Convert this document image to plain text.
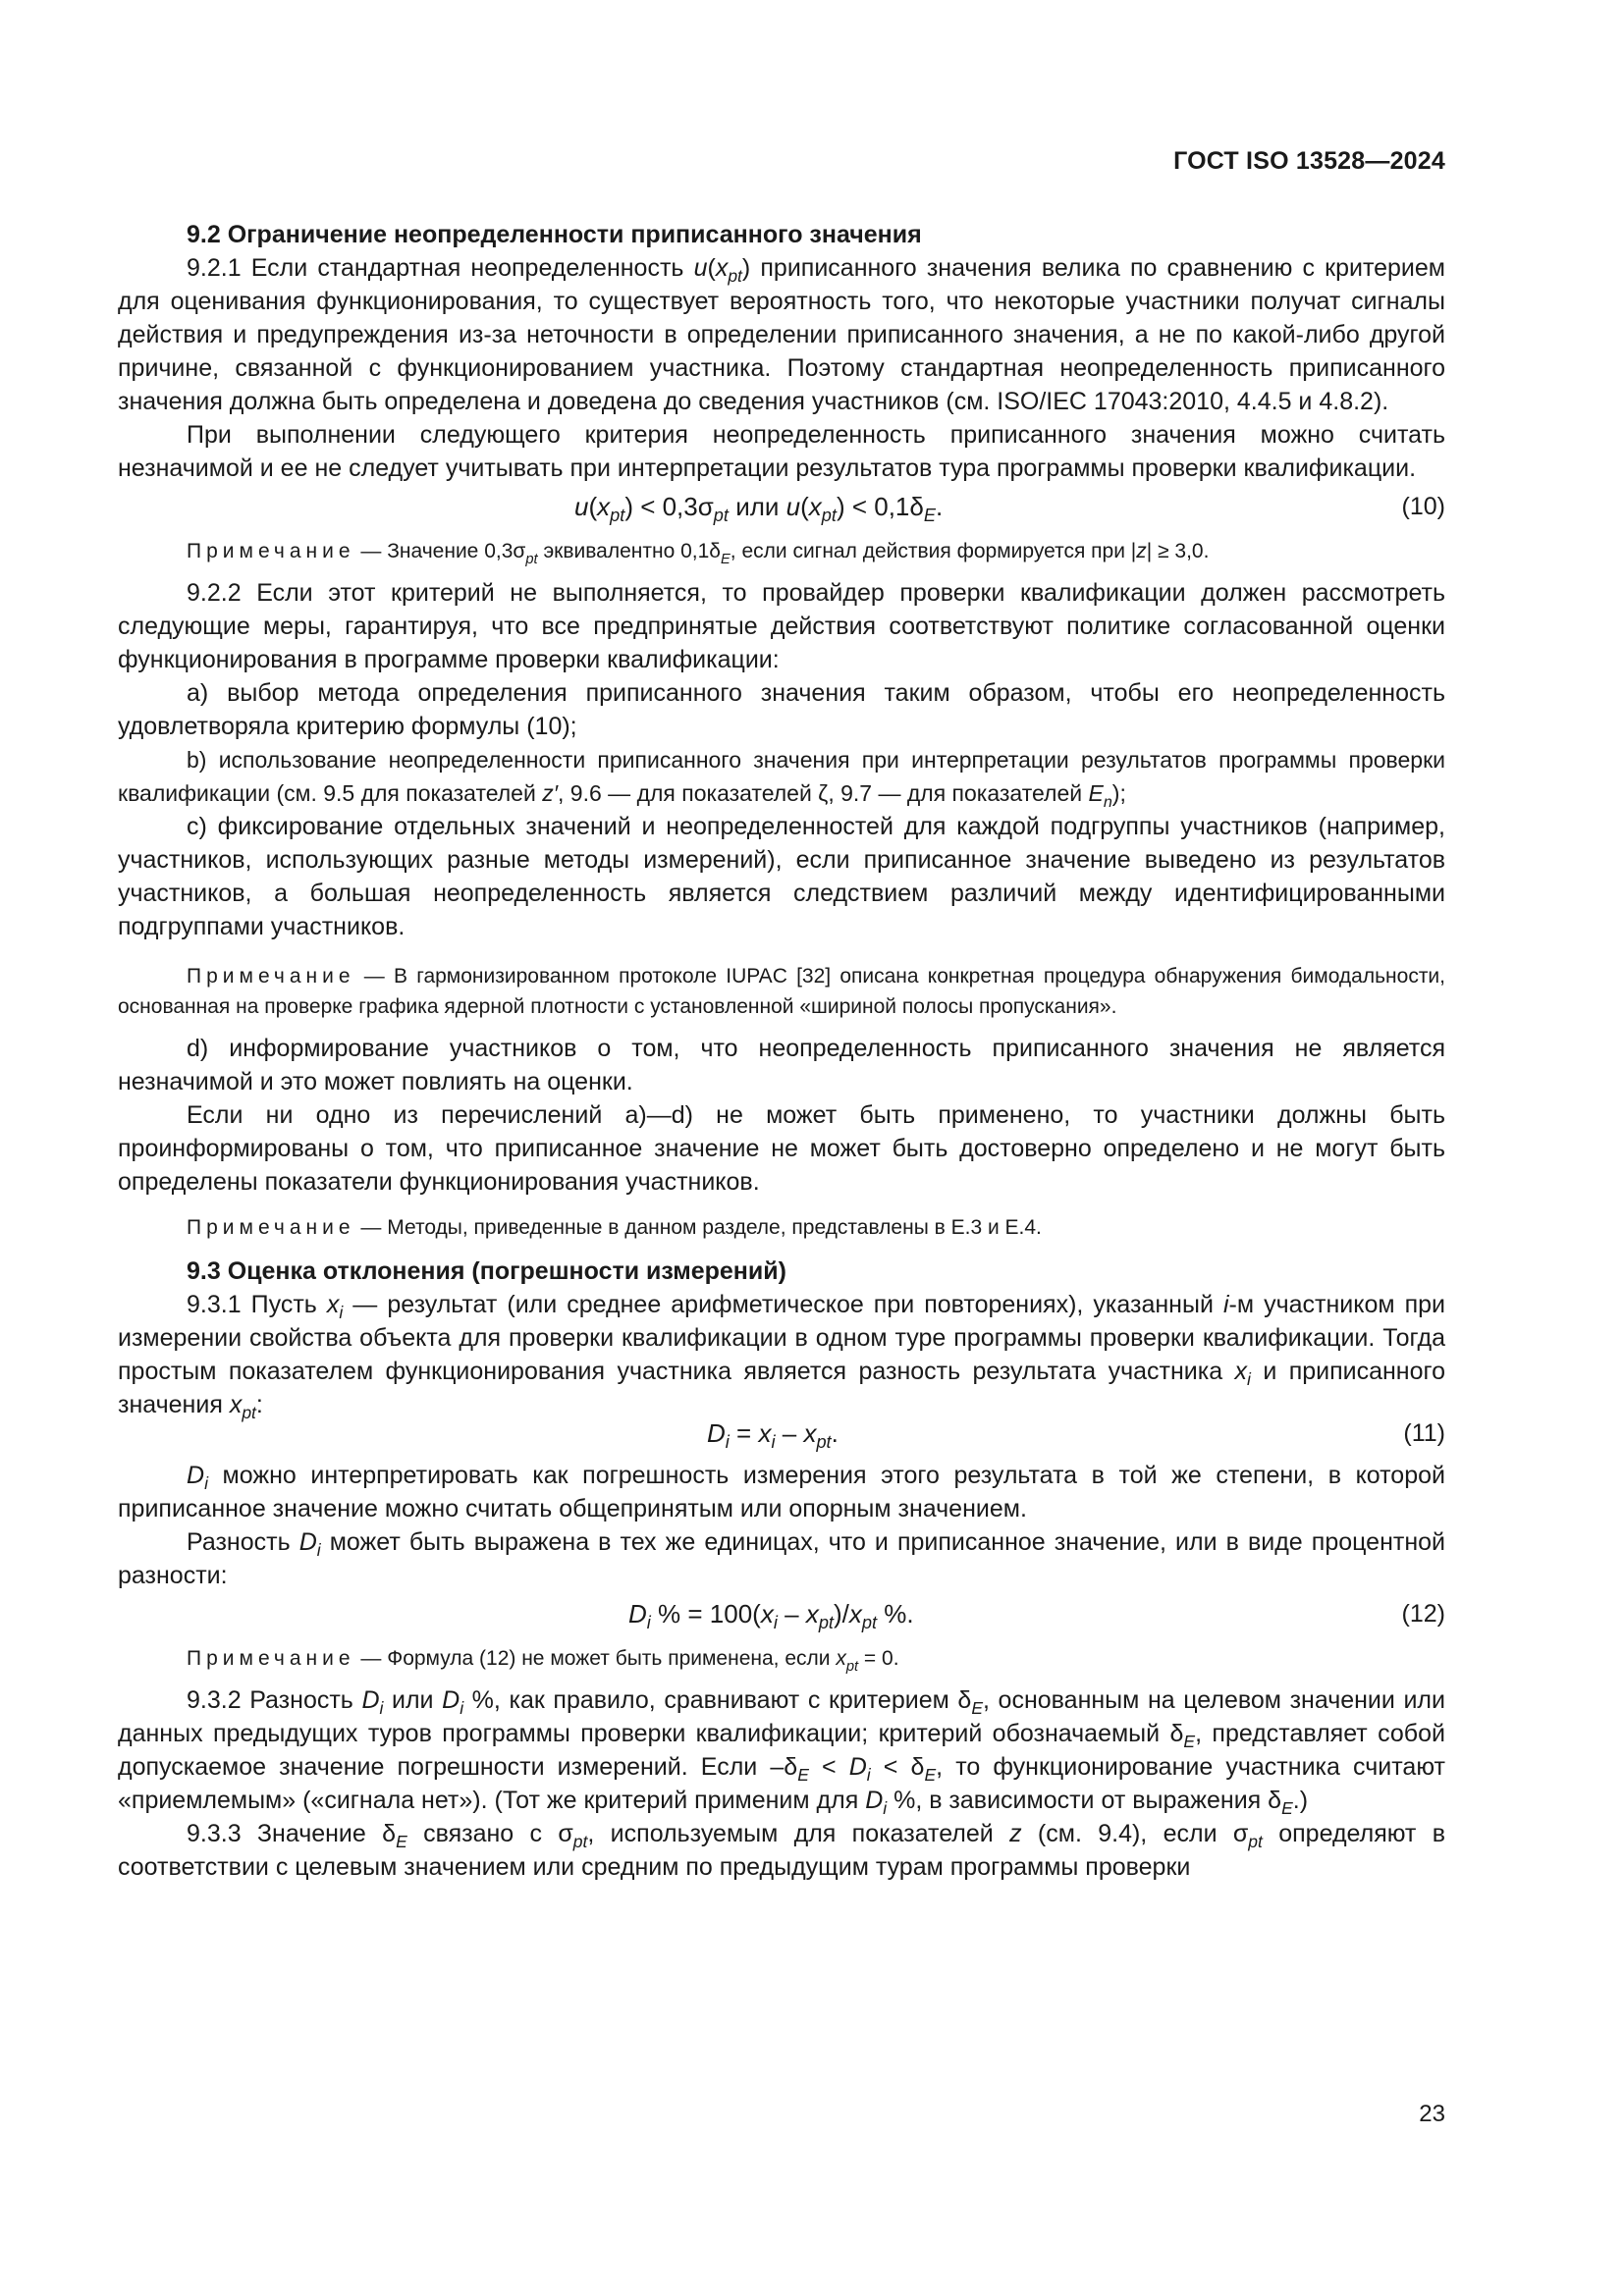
ГОСТ ISO 13528—2024

9.2 Ограничение неопределенности приписанного значения

9.2.1 Если стандартная неопределенность $u(x_{pt})$ приписанного значения велика по сравнению с критерием для оценивания функционирования, то существует вероятность того, что некоторые участники получат сигналы действия и предупреждения из-за неточности в определении приписанного значения, а не по какой-либо другой причине, связанной с функционированием участника. Поэтому стандартная неопределенность приписанного значения должна быть определена и доведена до сведения участников (см. ISO/IEC 17043:2010, 4.4.5 и 4.8.2).

При выполнении следующего критерия неопределенность приписанного значения можно считать незначимой и ее не следует учитывать при интерпретации результатов тура программы проверки квалификации.

$u(x_{pt}) < 0,3\sigma_{pt}$ или $u(x_{pt}) < 0,1\delta_E$.	(10)

Примечание — Значение $0,3\sigma_{pt}$ эквивалентно $0,1\delta_E$, если сигнал действия формируется при |z| ≥ 3,0.

9.2.2 Если этот критерий не выполняется, то провайдер проверки квалификации должен рассмотреть следующие меры, гарантируя, что все предпринятые действия соответствуют политике согласованной оценки функционирования в программе проверки квалификации:

а) выбор метода определения приписанного значения таким образом, чтобы его неопределенность удовлетворяла критерию формулы (10);

b) использование неопределенности приписанного значения при интерпретации результатов программы проверки квалификации (см. 9.5 для показателей z′, 9.6 — для показателей ζ, 9.7 — для показателей $E_n$);

с) фиксирование отдельных значений и неопределенностей для каждой подгруппы участников (например, участников, использующих разные методы измерений), если приписанное значение выведено из результатов участников, а большая неопределенность является следствием различий между идентифицированными подгруппами участников.

Примечание — В гармонизированном протоколе IUPAC [32] описана конкретная процедура обнаружения бимодальности, основанная на проверке графика ядерной плотности с установленной «шириной полосы пропускания».

d) информирование участников о том, что неопределенность приписанного значения не является незначимой и это может повлиять на оценки.

Если ни одно из перечислений а)—d) не может быть применено, то участники должны быть проинформированы о том, что приписанное значение не может быть достоверно определено и не могут быть определены показатели функционирования участников.

Примечание — Методы, приведенные в данном разделе, представлены в Е.3 и Е.4.

9.3 Оценка отклонения (погрешности измерений)

9.3.1 Пусть $x_i$ — результат (или среднее арифметическое при повторениях), указанный i-м участником при измерении свойства объекта для проверки квалификации в одном туре программы проверки квалификации. Тогда простым показателем функционирования участника является разность результата участника $x_i$ и приписанного значения $x_{pt}$:

$D_i = x_i - x_{pt}$.	(11)

$D_i$ можно интерпретировать как погрешность измерения этого результата в той же степени, в которой приписанное значение можно считать общепринятым или опорным значением.

Разность $D_i$ может быть выражена в тех же единицах, что и приписанное значение, или в виде процентной разности:

$D_i$ % = $100(x_i - x_{pt})/x_{pt}$ %.	(12)

Примечание — Формула (12) не может быть применена, если $x_{pt} = 0$.

9.3.2 Разность $D_i$ или $D_i$ %, как правило, сравнивают с критерием $\delta_E$, основанным на целевом значении или данных предыдущих туров программы проверки квалификации; критерий обозначаемый $\delta_E$, представляет собой допускаемое значение погрешности измерений. Если $-\delta_E < D_i < \delta_E$, то функционирование участника считают «приемлемым» («сигнала нет»). (Тот же критерий применим для $D_i$ %, в зависимости от выражения $\delta_E$.)

9.3.3 Значение $\delta_E$ связано с $\sigma_{pt}$, используемым для показателей z (см. 9.4), если $\sigma_{pt}$ определяют в соответствии с целевым значением или средним по предыдущим турам программы проверки

23
